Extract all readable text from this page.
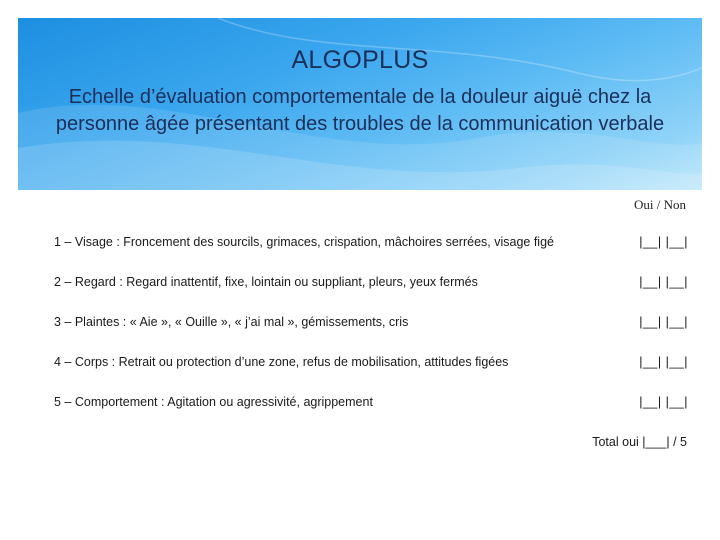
ALGOPLUS
Echelle d’évaluation comportementale de la douleur aiguë chez la personne âgée présentant des troubles de la communication verbale
Oui / Non
1 – Visage : Froncement des sourcils, grimaces, crispation, mâchoires serrées, visage figé	|__| |__|
2 – Regard : Regard inattentif, fixe, lointain ou suppliant, pleurs, yeux fermés	|__| |__|
3 – Plaintes : « Aie », « Ouille », « j’ai mal », gémissements, cris	|__| |__|
4 – Corps : Retrait ou protection d’une zone, refus de mobilisation, attitudes figées	|__| |__|
5 – Comportement : Agitation ou agressivité, agrippement	|__| |__|
Total oui |___| / 5
